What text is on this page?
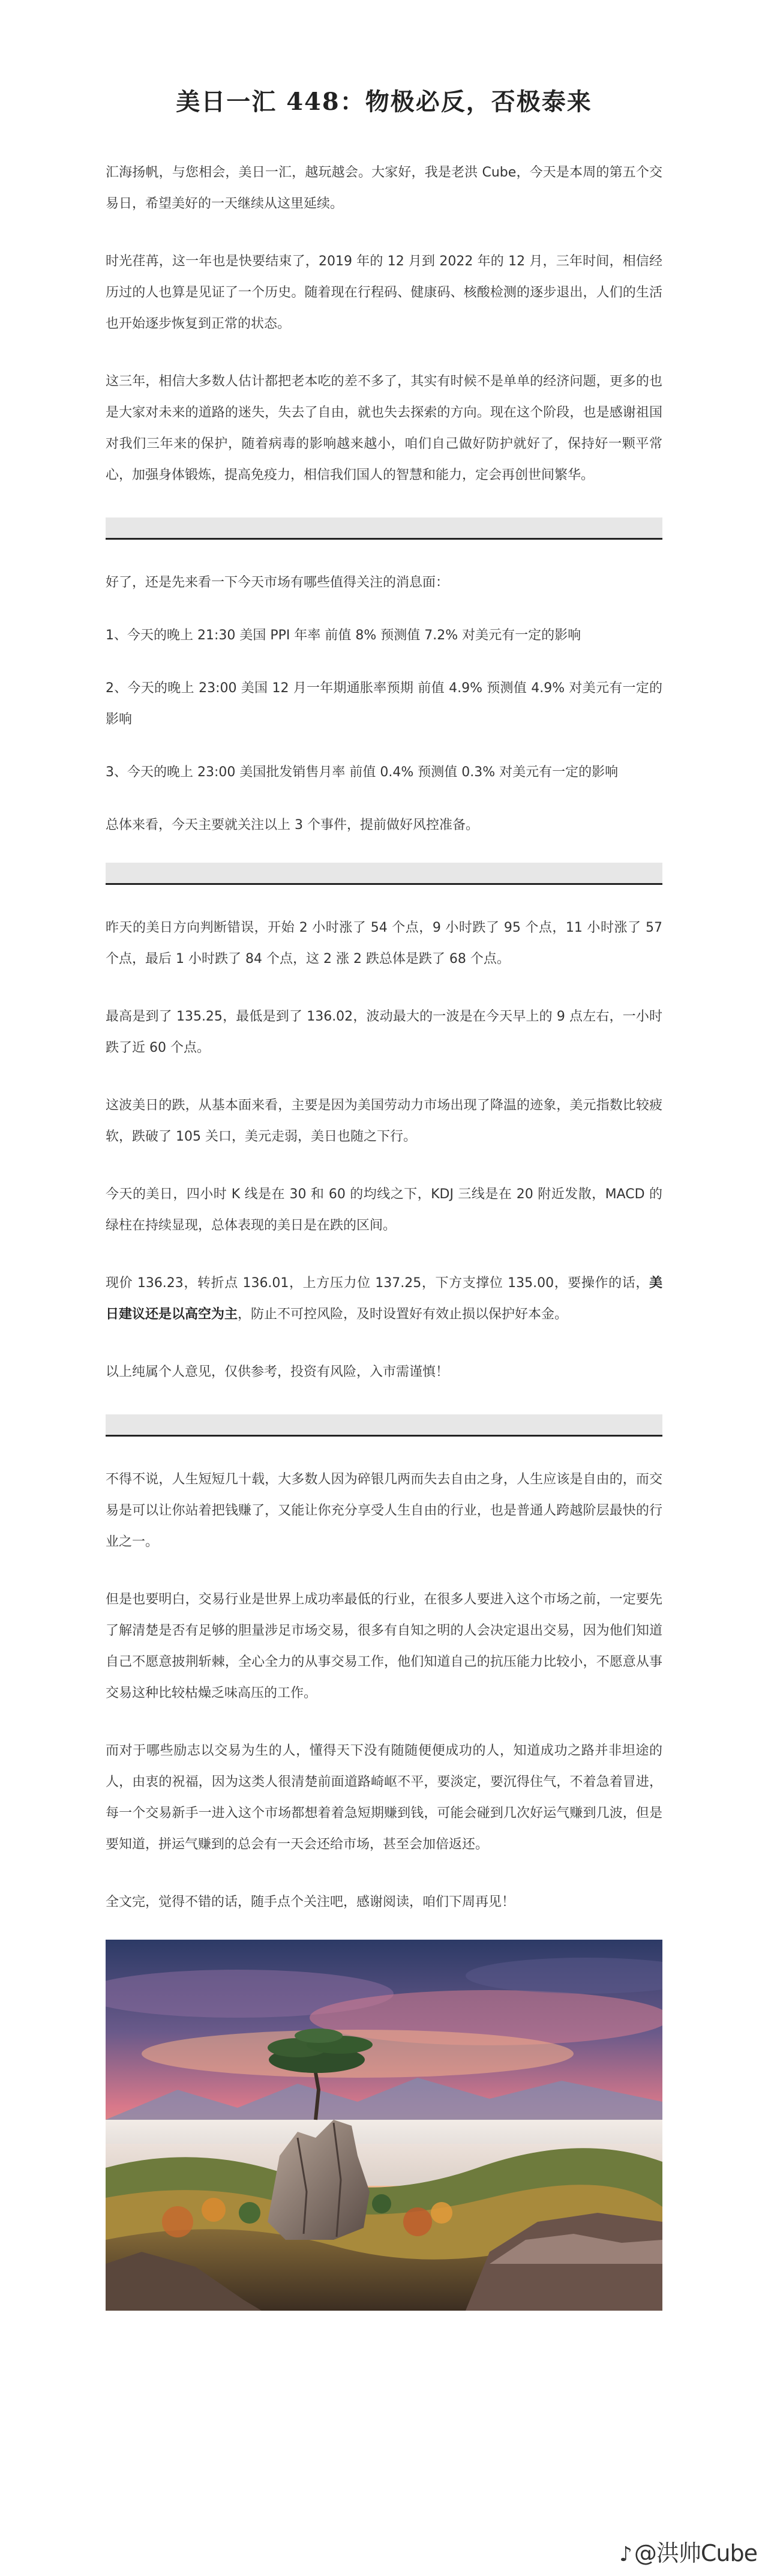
美日一汇 448：物极必反，否极泰来

汇海扬帆，与您相会，美日一汇，越玩越会。大家好，我是老洪 Cube，今天是本周的第五个交易日，希望美好的一天继续从这里延续。

时光荏苒，这一年也是快要结束了，2019 年的 12 月到 2022 年的 12 月，三年时间，相信经历过的人也算是见证了一个历史。随着现在行程码、健康码、核酸检测的逐步退出，人们的生活也开始逐步恢复到正常的状态。

这三年，相信大多数人估计都把老本吃的差不多了，其实有时候不是单单的经济问题，更多的也是大家对未来的道路的迷失，失去了自由，就也失去探索的方向。现在这个阶段，也是感谢祖国对我们三年来的保护，随着病毒的影响越来越小，咱们自己做好防护就好了，保持好一颗平常心，加强身体锻炼，提高免疫力，相信我们国人的智慧和能力，定会再创世间繁华。

好了，还是先来看一下今天市场有哪些值得关注的消息面：

1、今天的晚上 21:30 美国 PPI 年率 前值 8% 预测值 7.2% 对美元有一定的影响

2、今天的晚上 23:00 美国 12 月一年期通胀率预期 前值 4.9% 预测值 4.9% 对美元有一定的影响

3、今天的晚上 23:00 美国批发销售月率 前值 0.4% 预测值 0.3% 对美元有一定的影响

总体来看，今天主要就关注以上 3 个事件，提前做好风控准备。

昨天的美日方向判断错误，开始 2 小时涨了 54 个点，9 小时跌了 95 个点，11 小时涨了 57 个点，最后 1 小时跌了 84 个点，这 2 涨 2 跌总体是跌了 68 个点。

最高是到了 135.25，最低是到了 136.02，波动最大的一波是在今天早上的 9 点左右，一小时跌了近 60 个点。

这波美日的跌，从基本面来看，主要是因为美国劳动力市场出现了降温的迹象，美元指数比较疲软，跌破了 105 关口，美元走弱，美日也随之下行。

今天的美日，四小时 K 线是在 30 和 60 的均线之下，KDJ 三线是在 20 附近发散，MACD 的绿柱在持续显现，总体表现的美日是在跌的区间。

现价 136.23，转折点 136.01，上方压力位 137.25，下方支撑位 135.00，要操作的话，美日建议还是以高空为主，防止不可控风险，及时设置好有效止损以保护好本金。

以上纯属个人意见，仅供参考，投资有风险，入市需谨慎！

不得不说，人生短短几十载，大多数人因为碎银几两而失去自由之身，人生应该是自由的，而交易是可以让你站着把钱赚了，又能让你充分享受人生自由的行业，也是普通人跨越阶层最快的行业之一。

但是也要明白，交易行业是世界上成功率最低的行业，在很多人要进入这个市场之前，一定要先了解清楚是否有足够的胆量涉足市场交易，很多有自知之明的人会决定退出交易，因为他们知道自己不愿意披荆斩棘，全心全力的从事交易工作，他们知道自己的抗压能力比较小，不愿意从事交易这种比较枯燥乏味高压的工作。

而对于哪些励志以交易为生的人，懂得天下没有随随便便成功的人，知道成功之路并非坦途的人，由衷的祝福，因为这类人很清楚前面道路崎岖不平，要淡定，要沉得住气，不着急着冒进，每一个交易新手一进入这个市场都想着着急短期赚到钱，可能会碰到几次好运气赚到几波，但是要知道，拼运气赚到的总会有一天会还给市场，甚至会加倍返还。

全文完，觉得不错的话，随手点个关注吧，感谢阅读，咱们下周再见！

♪ @洪帅Cube
